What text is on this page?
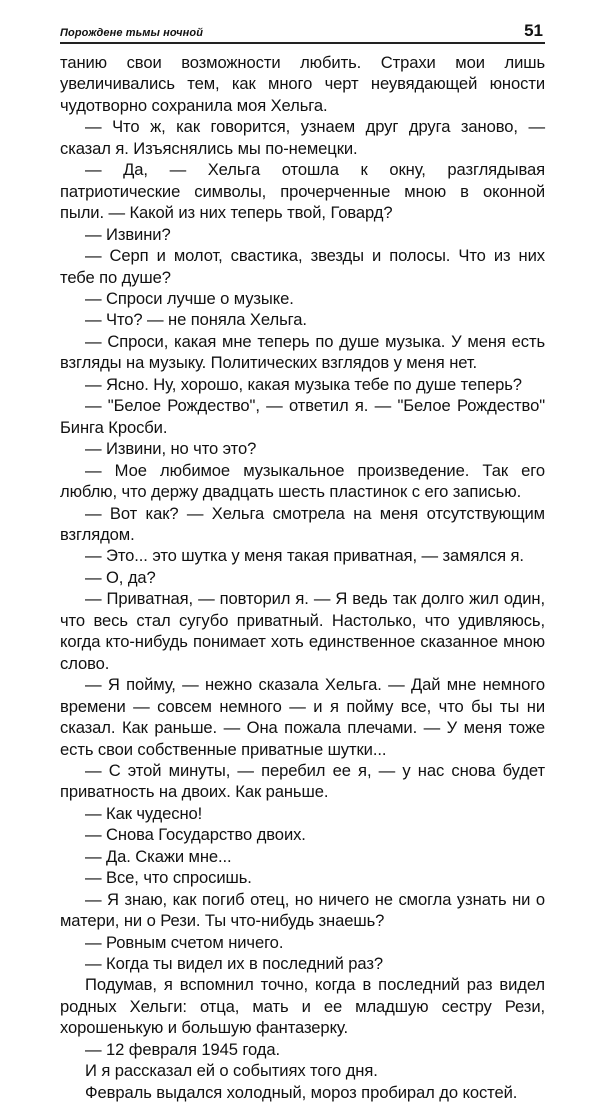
Порождене тьмы ночной	51

танию свои возможности любить. Страхи мои лишь увеличивались тем, как много черт неувядающей юности чудотворно сохранила моя Хельга.

— Что ж, как говорится, узнаем друг друга заново, — сказал я. Изъяснялись мы по-немецки.

— Да, — Хельга отошла к окну, разглядывая патриотические символы, прочерченные мною в оконной пыли. — Какой из них теперь твой, Говард?

— Извини?

— Серп и молот, свастика, звезды и полосы. Что из них тебе по душе?

— Спроси лучше о музыке.

— Что? — не поняла Хельга.

— Спроси, какая мне теперь по душе музыка. У меня есть взгляды на музыку. Политических взглядов у меня нет.

— Ясно. Ну, хорошо, какая музыка тебе по душе теперь?

— "Белое Рождество", — ответил я. — "Белое Рождество" Бинга Кросби.

— Извини, но что это?

— Мое любимое музыкальное произведение. Так его люблю, что держу двадцать шесть пластинок с его записью.

— Вот как? — Хельга смотрела на меня отсутствующим взглядом.

— Это... это шутка у меня такая приватная, — замялся я.

— О, да?

— Приватная, — повторил я. — Я ведь так долго жил один, что весь стал сугубо приватный. Настолько, что удивляюсь, когда кто-нибудь понимает хоть единственное сказанное мною слово.

— Я пойму, — нежно сказала Хельга. — Дай мне немного времени — совсем немного — и я пойму все, что бы ты ни сказал. Как раньше. — Она пожала плечами. — У меня тоже есть свои собственные приватные шутки...

— С этой минуты, — перебил ее я, — у нас снова будет приватность на двоих. Как раньше.

— Как чудесно!

— Снова Государство двоих.

— Да. Скажи мне...

— Все, что спросишь.

— Я знаю, как погиб отец, но ничего не смогла узнать ни о матери, ни о Рези. Ты что-нибудь знаешь?

— Ровным счетом ничего.

— Когда ты видел их в последний раз?

Подумав, я вспомнил точно, когда в последний раз видел родных Хельги: отца, мать и ее младшую сестру Рези, хорошенькую и большую фантазерку.

— 12 февраля 1945 года.

И я рассказал ей о событиях того дня.

Февраль выдался холодный, мороз пробирал до костей.
